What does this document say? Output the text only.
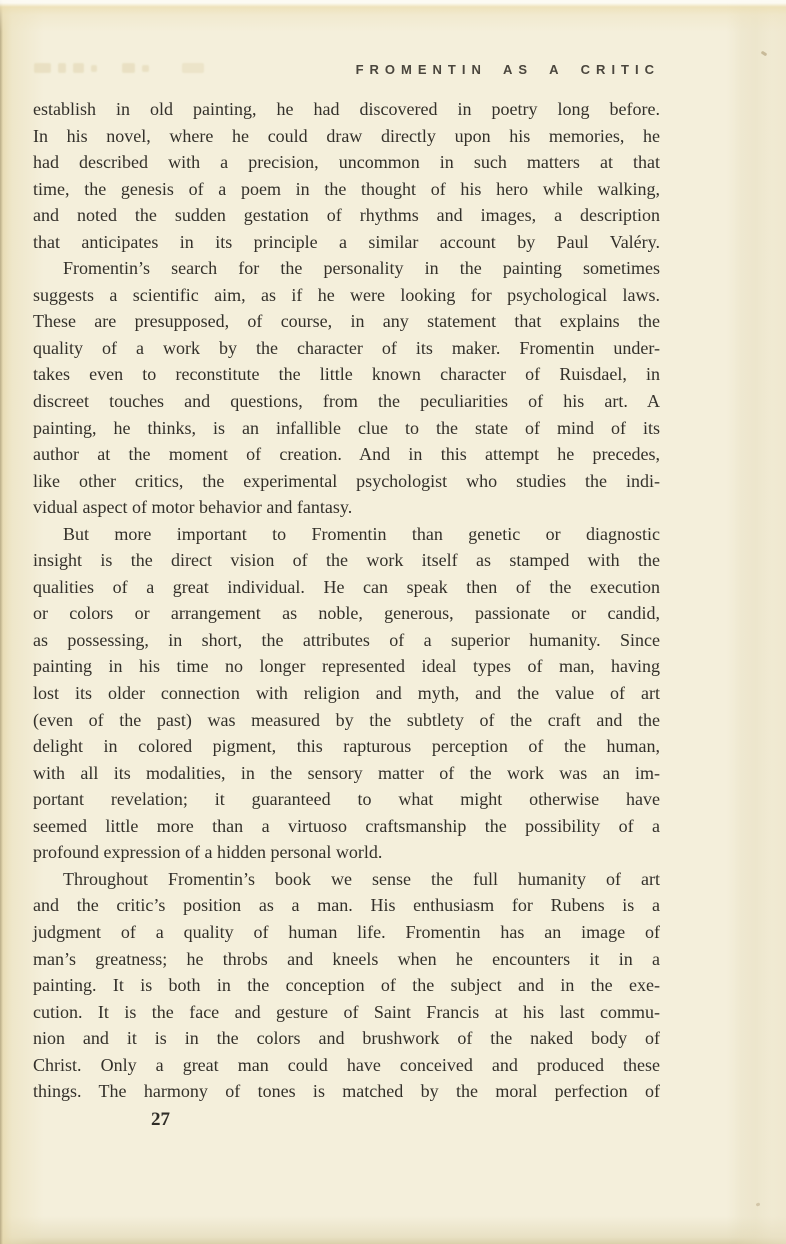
FROMENTIN AS A CRITIC
establish in old painting, he had discovered in poetry long before.
In his novel, where he could draw directly upon his memories, he
had described with a precision, uncommon in such matters at that
time, the genesis of a poem in the thought of his hero while walking,
and noted the sudden gestation of rhythms and images, a description
that anticipates in its principle a similar account by Paul Valéry.
Fromentin’s search for the personality in the painting sometimes
suggests a scientific aim, as if he were looking for psychological laws.
These are presupposed, of course, in any statement that explains the
quality of a work by the character of its maker. Fromentin under-
takes even to reconstitute the little known character of Ruisdael, in
discreet touches and questions, from the peculiarities of his art. A
painting, he thinks, is an infallible clue to the state of mind of its
author at the moment of creation. And in this attempt he precedes,
like other critics, the experimental psychologist who studies the indi-
vidual aspect of motor behavior and fantasy.
But more important to Fromentin than genetic or diagnostic
insight is the direct vision of the work itself as stamped with the
qualities of a great individual. He can speak then of the execution
or colors or arrangement as noble, generous, passionate or candid,
as possessing, in short, the attributes of a superior humanity. Since
painting in his time no longer represented ideal types of man, having
lost its older connection with religion and myth, and the value of art
(even of the past) was measured by the subtlety of the craft and the
delight in colored pigment, this rapturous perception of the human,
with all its modalities, in the sensory matter of the work was an im-
portant revelation; it guaranteed to what might otherwise have
seemed little more than a virtuoso craftsmanship the possibility of a
profound expression of a hidden personal world.
Throughout Fromentin’s book we sense the full humanity of art
and the critic’s position as a man. His enthusiasm for Rubens is a
judgment of a quality of human life. Fromentin has an image of
man’s greatness; he throbs and kneels when he encounters it in a
painting. It is both in the conception of the subject and in the exe-
cution. It is the face and gesture of Saint Francis at his last commu-
nion and it is in the colors and brushwork of the naked body of
Christ. Only a great man could have conceived and produced these
things. The harmony of tones is matched by the moral perfection of
27
